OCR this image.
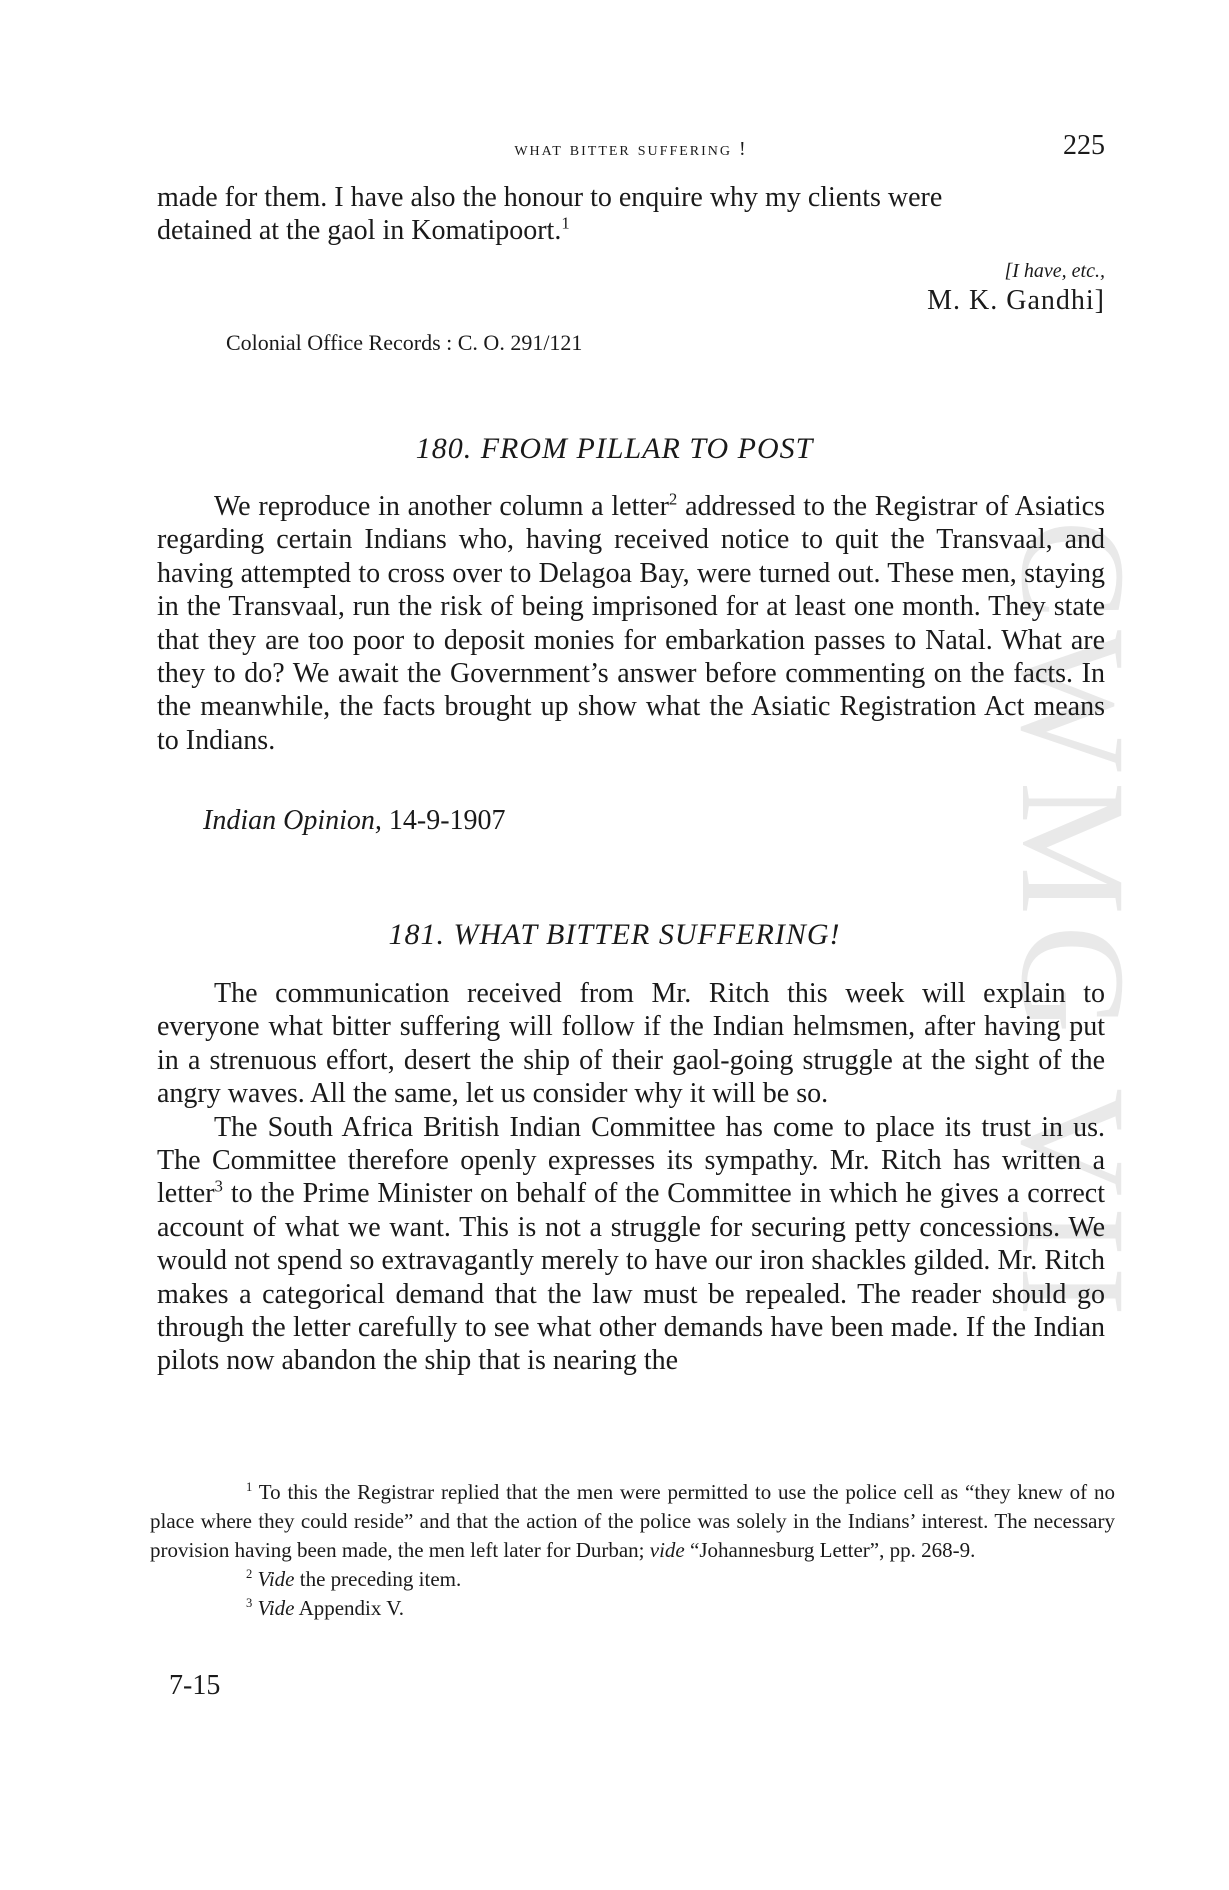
CWMG VII
what bitter suffering !	225

made for them. I have also the honour to enquire why my clients were

detained at the gaol in Komatipoort.$^1$

[I have, etc.,
M. K. Gandhi]
Colonial Office Records : C. O. 291/121
180. FROM PILLAR TO POST

We reproduce in another column a letter$^2$ addressed to the Registrar of Asiatics regarding certain Indians who, having received notice to quit the Transvaal, and having attempted to cross over to Delagoa Bay, were turned out. These men, staying in the Transvaal, run the risk of being imprisoned for at least one month. They state that they are too poor to deposit monies for embarkation passes to Natal. What are they to do? We await the Government’s answer before commenting on the facts. In the meanwhile, the facts brought up show what the Asiatic Registration Act means to Indians.

Indian Opinion, 14-9-1907
181. WHAT BITTER SUFFERING!

The communication received from Mr. Ritch this week will explain to everyone what bitter suffering will follow if the Indian helmsmen, after having put in a strenuous effort, desert the ship of their gaol-going struggle at the sight of the angry waves. All the same, let us consider why it will be so.

The South Africa British Indian Committee has come to place its trust in us. The Committee therefore openly expresses its sympathy. Mr. Ritch has written a letter$^3$ to the Prime Minister on behalf of the Committee in which he gives a correct account of what we want. This is not a struggle for securing petty concessions. We would not spend so extravagantly merely to have our iron shackles gilded. Mr. Ritch makes a categorical demand that the law must be repealed. The reader should go through the letter carefully to see what other demands have been made. If the Indian pilots now abandon the ship that is nearing the

$^1$ To this the Registrar replied that the men were permitted to use the police cell as “they knew of no place where they could reside” and that the action of the police was solely in the Indians’ interest. The necessary provision having been made, the men left later for Durban; vide “Johannesburg Letter”, pp. 268-9.

$^2$ Vide the preceding item.

$^3$ Vide Appendix V.

7-15
